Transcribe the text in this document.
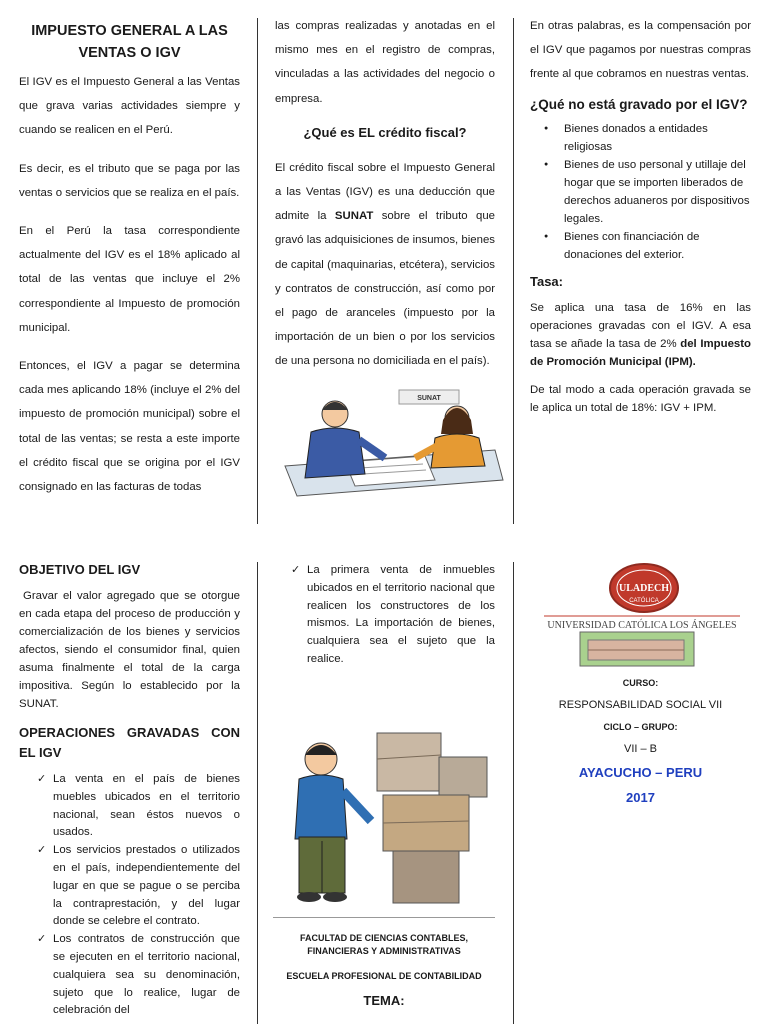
IMPUESTO GENERAL A LAS
VENTAS O IGV

El IGV es el Impuesto General a las Ventas que grava varias actividades siempre y cuando se realicen en el Perú.

Es decir, es el tributo que se paga por las ventas o servicios que se realiza en el país.

En el Perú la tasa correspondiente actualmente del IGV es el 18% aplicado al total de las ventas que incluye el 2% correspondiente al Impuesto de promoción municipal.

Entonces, el IGV a pagar se determina cada mes aplicando 18% (incluye el 2% del impuesto de promoción municipal) sobre el total de las ventas; se resta a este importe el crédito fiscal que se origina por el IGV consignado en las facturas de todas

las compras realizadas y anotadas en el mismo mes en el registro de compras, vinculadas a las actividades del negocio o empresa.

¿Qué es EL crédito fiscal?

El crédito fiscal sobre el Impuesto General a las Ventas (IGV) es una deducción que admite la SUNAT sobre el tributo que gravó las adquisiciones de insumos, bienes de capital (maquinarias, etcétera), servicios y contratos de construcción, así como por el pago de aranceles (impuesto por la importación de un bien o por los servicios de una persona no domiciliada en el país).

SUNAT

En otras palabras, es la compensación por el IGV que pagamos por nuestras compras frente al que cobramos en nuestras ventas.

¿Qué no está gravado por el IGV?
● Bienes donados a entidades religiosas
● Bienes de uso personal y utillaje del hogar que se importen liberados de derechos aduaneros por dispositivos legales.
● Bienes con financiación de donaciones del exterior.
Tasa:

Se aplica una tasa de 16% en las operaciones gravadas con el IGV. A esa tasa se añade la tasa de 2% del Impuesto de Promoción Municipal (IPM).

De tal modo a cada operación gravada se le aplica un total de 18%: IGV + IPM.

OBJETIVO DEL IGV

Gravar el valor agregado que se otorgue en cada etapa del proceso de producción y comercialización de los bienes y servicios afectos, siendo el consumidor final, quien asuma finalmente el total de la carga impositiva. Según lo establecido por la SUNAT.

OPERACIONES GRAVADAS CON EL IGV
✓ La venta en el país de bienes muebles ubicados en el territorio nacional, sean éstos nuevos o usados.
✓ Los servicios prestados o utilizados en el país, independientemente del lugar en que se pague o se perciba la contraprestación, y del lugar donde se celebre el contrato.
✓ Los contratos de construcción que se ejecuten en el territorio nacional, cualquiera sea su denominación, sujeto que lo realice, lugar de celebración del
✓ La primera venta de inmuebles ubicados en el territorio nacional que realicen los constructores de los mismos. La importación de bienes, cualquiera sea el sujeto que la realice.
FACULTAD DE CIENCIAS CONTABLES, FINANCIERAS Y ADMINISTRATIVAS
ESCUELA PROFESIONAL DE CONTABILIDAD
TEMA:
ULADECH
CATÓLICA
UNIVERSIDAD CATÓLICA LOS ÁNGELES
CURSO:
RESPONSABILIDAD SOCIAL VII
CICLO – GRUPO:
VII – B
AYACUCHO – PERU
2017
